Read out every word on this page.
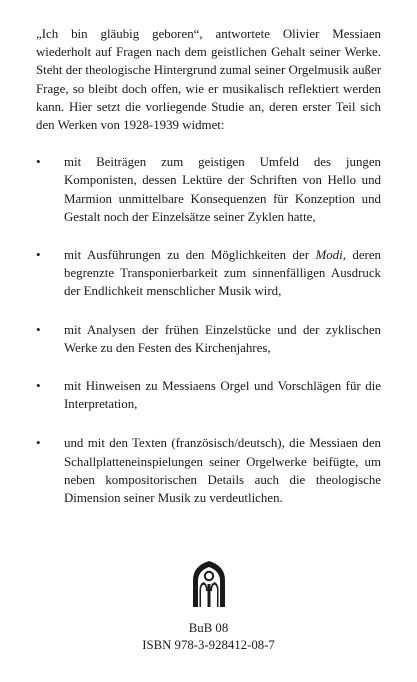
„Ich bin gläubig geboren“, antwortete Olivier Messiaen wiederholt auf Fragen nach dem geistlichen Gehalt seiner Werke. Steht der theologische Hintergrund zumal seiner Orgelmusik außer Frage, so bleibt doch offen, wie er musikalisch reflektiert werden kann. Hier setzt die vorliegende Studie an, deren erster Teil sich den Werken von 1928-1939 widmet:

•	mit Beiträgen zum geistigen Umfeld des jungen Komponisten, dessen Lektüre der Schriften von Hello und Marmion unmittelbare Konsequenzen für Konzeption und Gestalt noch der Einzelsätze seiner Zyklen hatte,
•	mit Ausführungen zu den Möglichkeiten der Modi, deren begrenzte Transponierbarkeit zum sinnenfälligen Ausdruck der Endlichkeit menschlicher Musik wird,
•	mit Analysen der frühen Einzelstücke und der zyklischen Werke zu den Festen des Kirchenjahres,
•	mit Hinweisen zu Messiaens Orgel und Vorschlägen für die Interpretation,
•	und mit den Texten (französisch/deutsch), die Messiaen den Schallplatteneinspielungen seiner Orgelwerke beifügte, um neben kompositorischen Details auch die theologische Dimension seiner Musik zu verdeutlichen.
BuB 08
ISBN 978-3-928412-08-7
